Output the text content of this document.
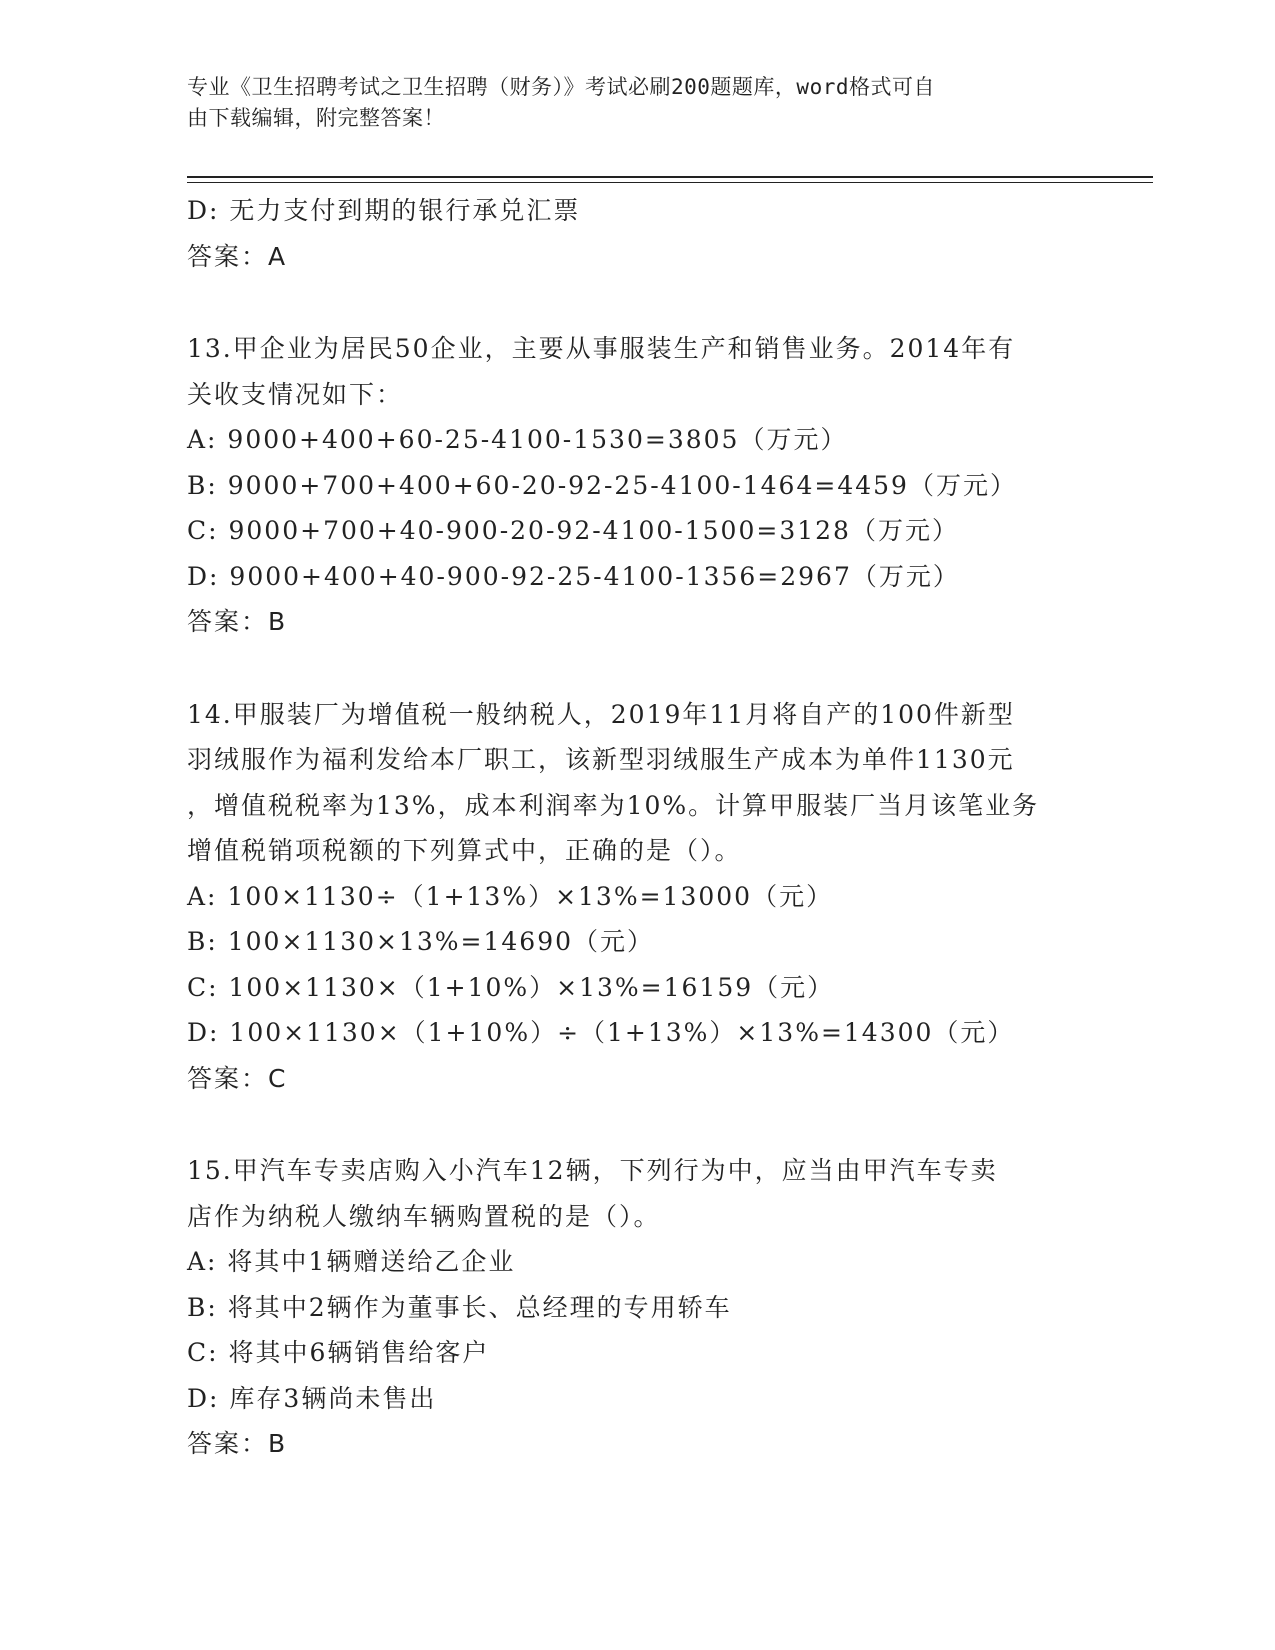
专业《卫生招聘考试之卫生招聘（财务）》考试必刷200题题库，word格式可自
由下载编辑，附完整答案！
D: 无力支付到期的银行承兑汇票
答案：A
13.甲企业为居民50企业，主要从事服装生产和销售业务。2014年有
关收支情况如下：
A: 9000+400+60-25-4100-1530=3805（万元）
B: 9000+700+400+60-20-92-25-4100-1464=4459（万元）
C: 9000+700+40-900-20-92-4100-1500=3128（万元）
D: 9000+400+40-900-92-25-4100-1356=2967（万元）
答案：B
14.甲服装厂为增值税一般纳税人，2019年11月将自产的100件新型
羽绒服作为福利发给本厂职工，该新型羽绒服生产成本为单件1130元
，增值税税率为13%，成本利润率为10%。计算甲服装厂当月该笔业务
增值税销项税额的下列算式中，正确的是（）。
A: 100×1130÷（1+13%）×13%=13000（元）
B: 100×1130×13%=14690（元）
C: 100×1130×（1+10%）×13%=16159（元）
D: 100×1130×（1+10%）÷（1+13%）×13%=14300（元）
答案：C
15.甲汽车专卖店购入小汽车12辆，下列行为中，应当由甲汽车专卖
店作为纳税人缴纳车辆购置税的是（）。
A: 将其中1辆赠送给乙企业
B: 将其中2辆作为董事长、总经理的专用轿车
C: 将其中6辆销售给客户
D: 库存3辆尚未售出
答案：B
